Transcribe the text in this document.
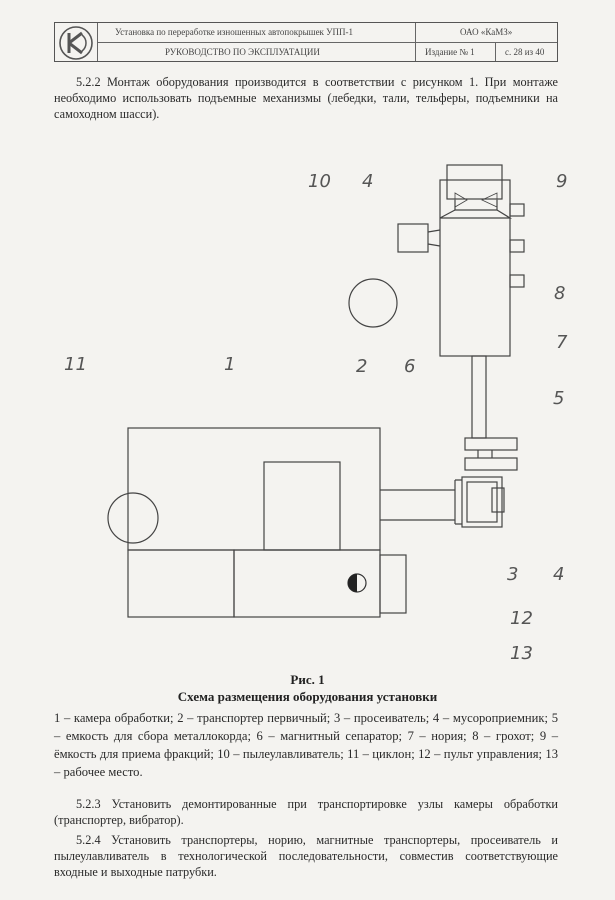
Установка по переработке изношенных автопокрышек УПП-1	ОАО «КаМЗ»
РУКОВОДСТВО ПО ЭКСПЛУАТАЦИИ	Издание № 1	с. 28 из 40

5.2.2 Монтаж оборудования производится в соответствии с рисунком 1. При монтаже необходимо использовать подъемные механизмы (лебедки, тали, тельферы, подъемники на самоходном шасси).

10 4	9
8
7
11	1	2 6
5
3 4
12
13
Рис. 1
Схема размещения оборудования установки

1 – камера обработки; 2 – транспортер первичный; 3 – просеиватель; 4 – мусороприемник; 5 – емкость для сбора металлокорда; 6 – магнитный сепаратор; 7 – нория; 8 – грохот; 9 – ёмкость для приема фракций; 10 – пылеулавливатель; 11 – циклон; 12 – пульт управления; 13 – рабочее место.

5.2.3 Установить демонтированные при транспортировке узлы камеры обработки (транспортер, вибратор).

5.2.4 Установить транспортеры, норию, магнитные транспортеры, просеиватель и пылеулавливатель в технологической последовательности, совместив соответствующие входные и выходные патрубки.
